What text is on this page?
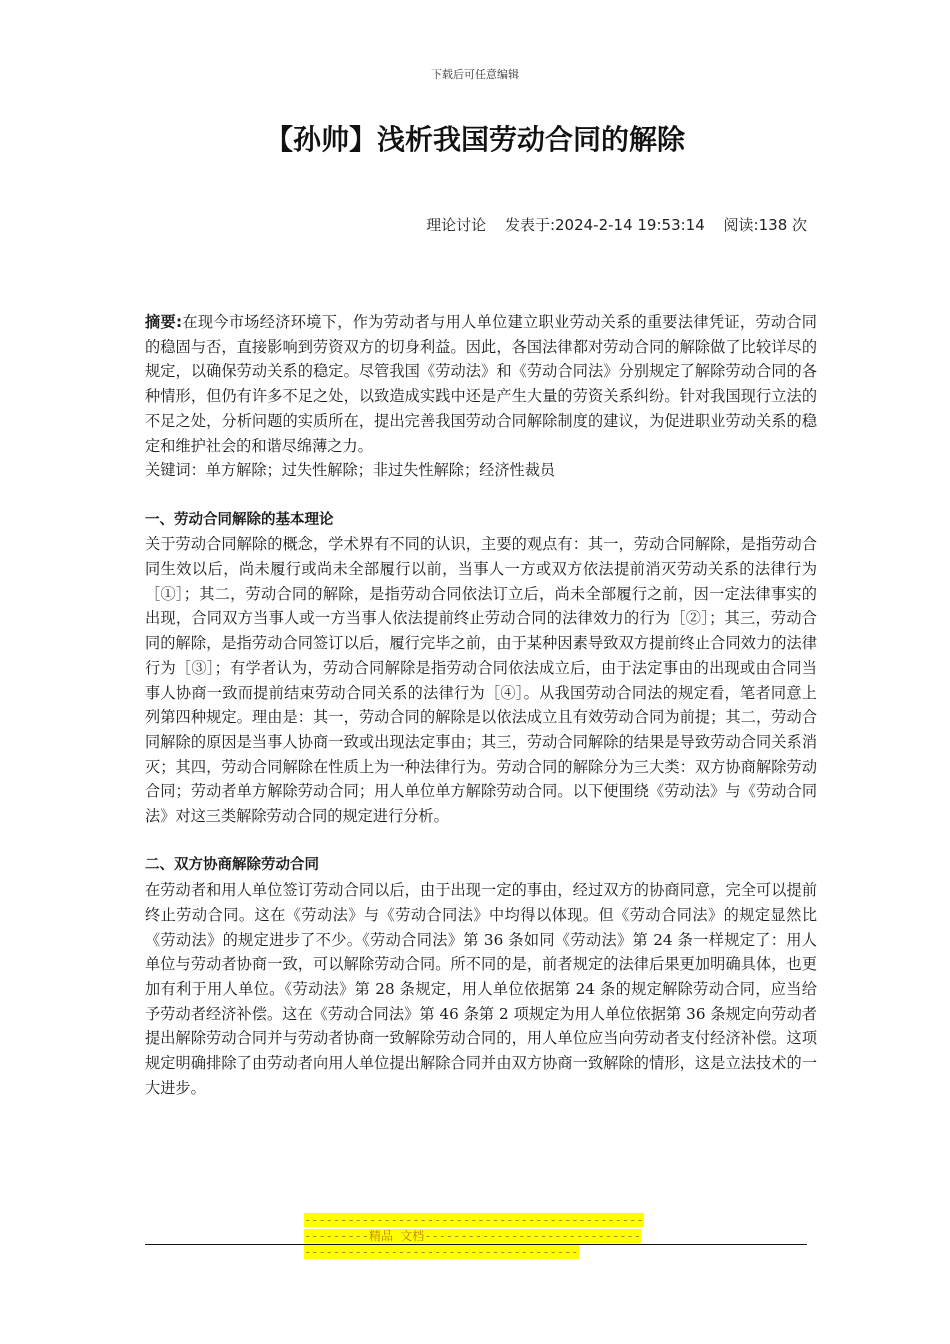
下载后可任意编辑
【孙帅】浅析我国劳动合同的解除
理论讨论 发表于:2024-2-14 19:53:14 阅读:138 次

摘要:在现今市场经济环境下，作为劳动者与用人单位建立职业劳动关系的重要法律凭证，劳动合同的稳固与否，直接影响到劳资双方的切身利益。因此，各国法律都对劳动合同的解除做了比较详尽的规定，以确保劳动关系的稳定。尽管我国《劳动法》和《劳动合同法》分别规定了解除劳动合同的各种情形，但仍有许多不足之处，以致造成实践中还是产生大量的劳资关系纠纷。针对我国现行立法的不足之处，分析问题的实质所在，提出完善我国劳动合同解除制度的建议，为促进职业劳动关系的稳定和维护社会的和谐尽绵薄之力。

关键词：单方解除；过失性解除；非过失性解除；经济性裁员

一、劳动合同解除的基本理论

关于劳动合同解除的概念，学术界有不同的认识，主要的观点有：其一，劳动合同解除，是指劳动合同生效以后，尚未履行或尚未全部履行以前，当事人一方或双方依法提前消灭劳动关系的法律行为［①］；其二，劳动合同的解除，是指劳动合同依法订立后，尚未全部履行之前，因一定法律事实的出现，合同双方当事人或一方当事人依法提前终止劳动合同的法律效力的行为［②］；其三，劳动合同的解除，是指劳动合同签订以后，履行完毕之前，由于某种因素导致双方提前终止合同效力的法律行为［③］；有学者认为，劳动合同解除是指劳动合同依法成立后，由于法定事由的出现或由合同当事人协商一致而提前结束劳动合同关系的法律行为［④］。从我国劳动合同法的规定看，笔者同意上列第四种规定。理由是：其一，劳动合同的解除是以依法成立且有效劳动合同为前提；其二，劳动合同解除的原因是当事人协商一致或出现法定事由；其三，劳动合同解除的结果是导致劳动合同关系消灭；其四，劳动合同解除在性质上为一种法律行为。劳动合同的解除分为三大类：双方协商解除劳动合同；劳动者单方解除劳动合同；用人单位单方解除劳动合同。以下便围绕《劳动法》与《劳动合同法》对这三类解除劳动合同的规定进行分析。

二、双方协商解除劳动合同

在劳动者和用人单位签订劳动合同以后，由于出现一定的事由，经过双方的协商同意，完全可以提前终止劳动合同。这在《劳动法》与《劳动合同法》中均得以体现。但《劳动合同法》的规定显然比《劳动法》的规定进步了不少。《劳动合同法》第 36 条如同《劳动法》第 24 条一样规定了：用人单位与劳动者协商一致，可以解除劳动合同。所不同的是，前者规定的法律后果更加明确具体，也更加有利于用人单位。《劳动法》第 28 条规定，用人单位依据第 24 条的规定解除劳动合同，应当给予劳动者经济补偿。这在《劳动合同法》第 46 条第 2 项规定为用人单位依据第 36 条规定向劳动者提出解除劳动合同并与劳动者协商一致解除劳动合同的，用人单位应当向劳动者支付经济补偿。这项规定明确排除了由劳动者向用人单位提出解除合同并由双方协商一致解除的情形，这是立法技术的一大进步。

--------------------------------------------------------精品 文档--------------------------------------------------------------------
